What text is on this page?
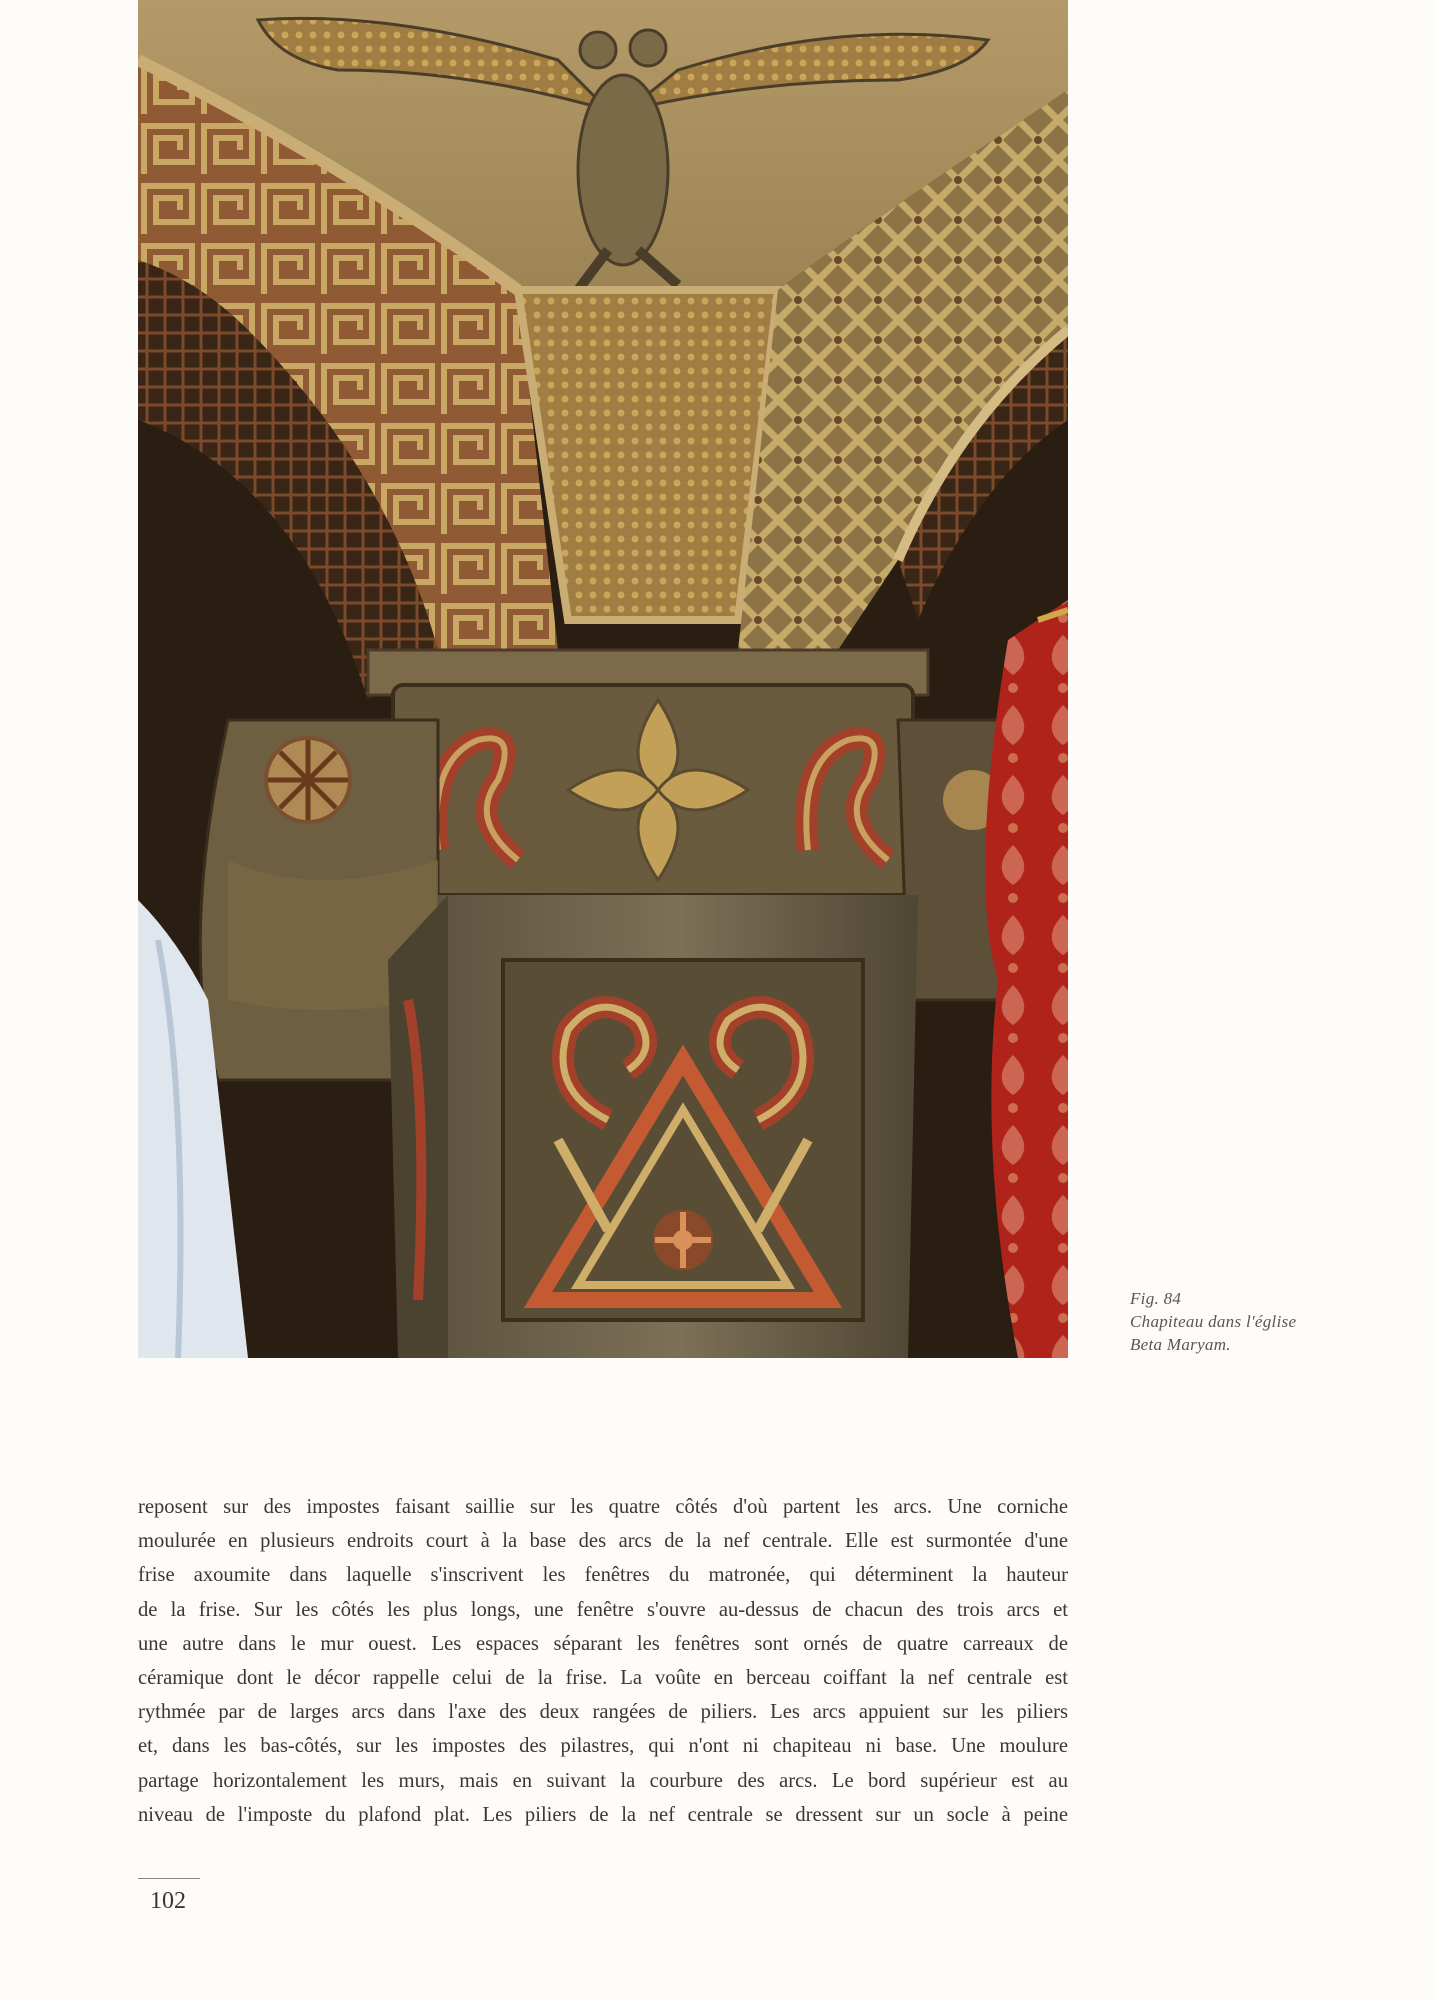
Fig. 84
Chapiteau dans l'église
Beta Maryam.
reposent sur des impostes faisant saillie sur les quatre côtés d'où partent les arcs. Une corniche
moulurée en plusieurs endroits court à la base des arcs de la nef centrale. Elle est surmontée d'une
frise axoumite dans laquelle s'inscrivent les fenêtres du matronée, qui déterminent la hauteur
de la frise. Sur les côtés les plus longs, une fenêtre s'ouvre au-dessus de chacun des trois arcs et
une autre dans le mur ouest. Les espaces séparant les fenêtres sont ornés de quatre carreaux de
céramique dont le décor rappelle celui de la frise. La voûte en berceau coiffant la nef centrale est
rythmée par de larges arcs dans l'axe des deux rangées de piliers. Les arcs appuient sur les piliers
et, dans les bas-côtés, sur les impostes des pilastres, qui n'ont ni chapiteau ni base. Une moulure
partage horizontalement les murs, mais en suivant la courbure des arcs. Le bord supérieur est au
niveau de l'imposte du plafond plat. Les piliers de la nef centrale se dressent sur un socle à peine
102
